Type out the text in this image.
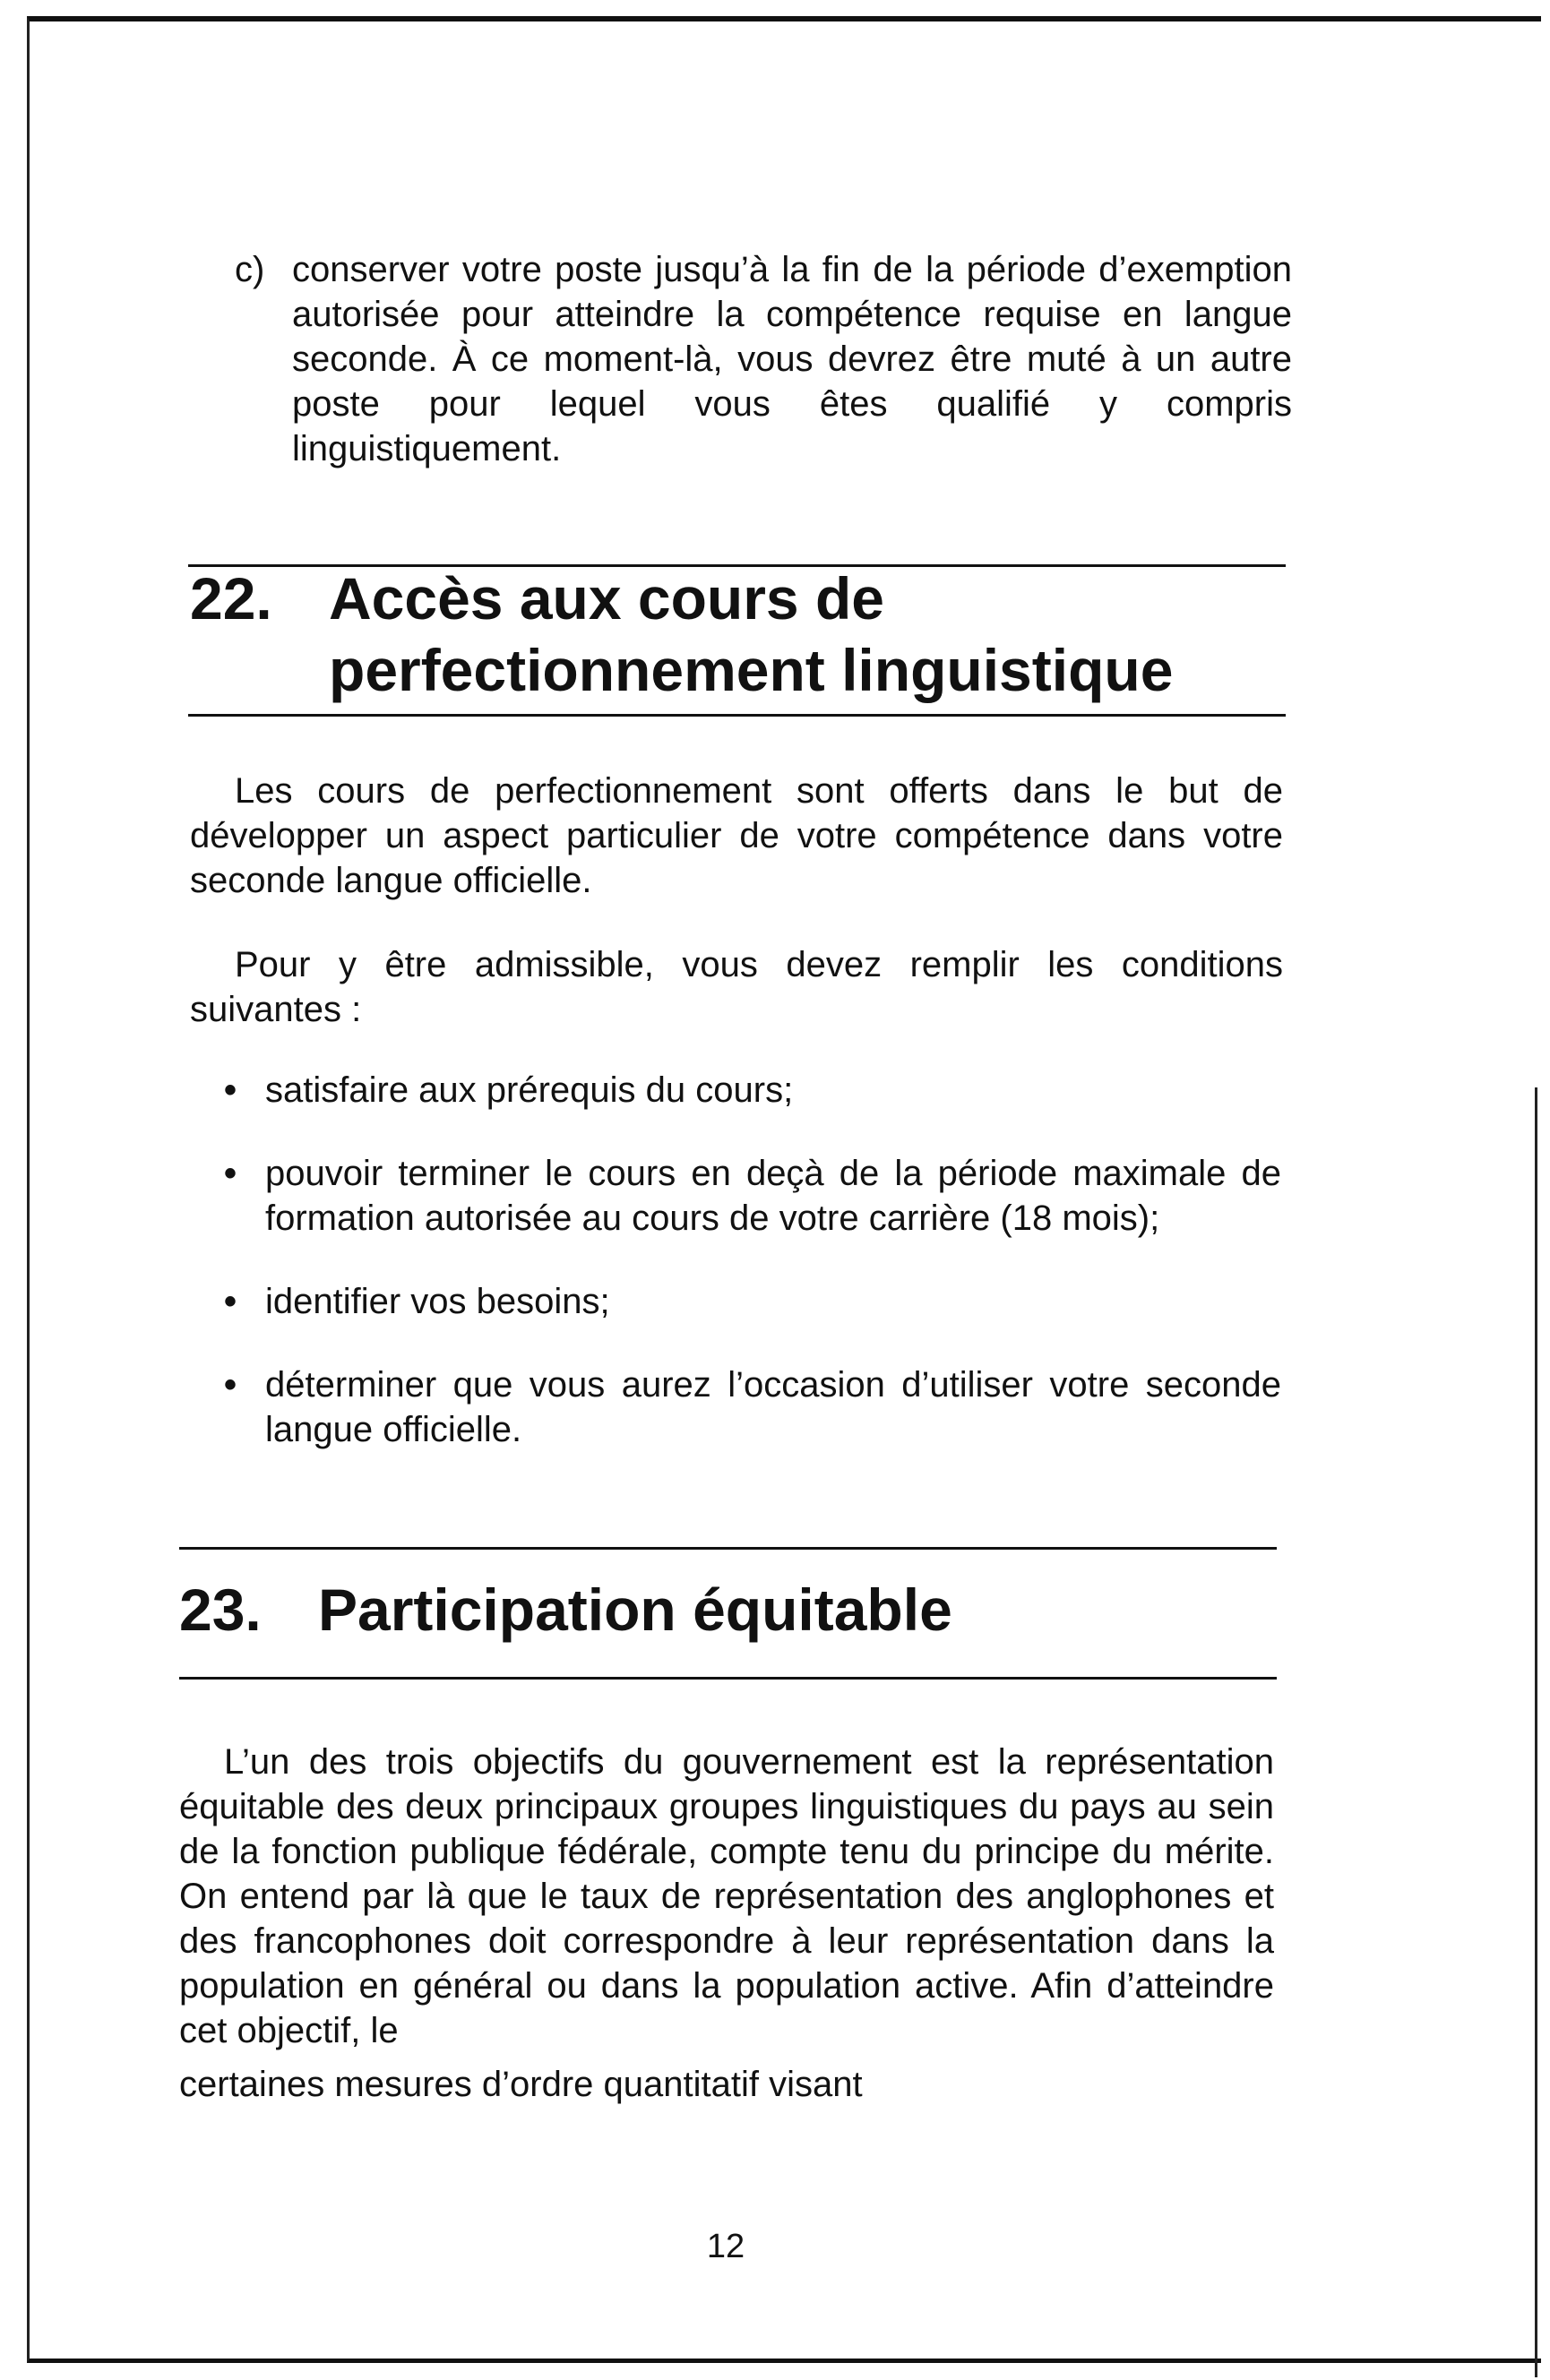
c) conserver votre poste jusqu’à la fin de la période d’exemption autorisée pour atteindre la compétence requise en langue seconde. À ce moment-là, vous devrez être muté à un autre poste pour lequel vous êtes qualifié y compris linguistiquement.
22. Accès aux cours de perfectionnement linguistique
Les cours de perfectionnement sont offerts dans le but de développer un aspect particulier de votre compétence dans votre seconde langue officielle.
Pour y être admissible, vous devez remplir les conditions suivantes :
• satisfaire aux prérequis du cours;
• pouvoir terminer le cours en deçà de la période maximale de formation autorisée au cours de votre carrière (18 mois);
• identifier vos besoins;
• déterminer que vous aurez l’occasion d’utiliser votre seconde langue officielle.
23. Participation équitable
L’un des trois objectifs du gouvernement est la représentation équitable des deux principaux groupes linguistiques du pays au sein de la fonction publique fédérale, compte tenu du principe du mérite. On entend par là que le taux de représentation des anglophones et des francophones doit correspondre à leur représentation dans la population en général ou dans la population active. Afin d’atteindre cet objectif, le
certaines mesures d’ordre quantitatif visant
12
